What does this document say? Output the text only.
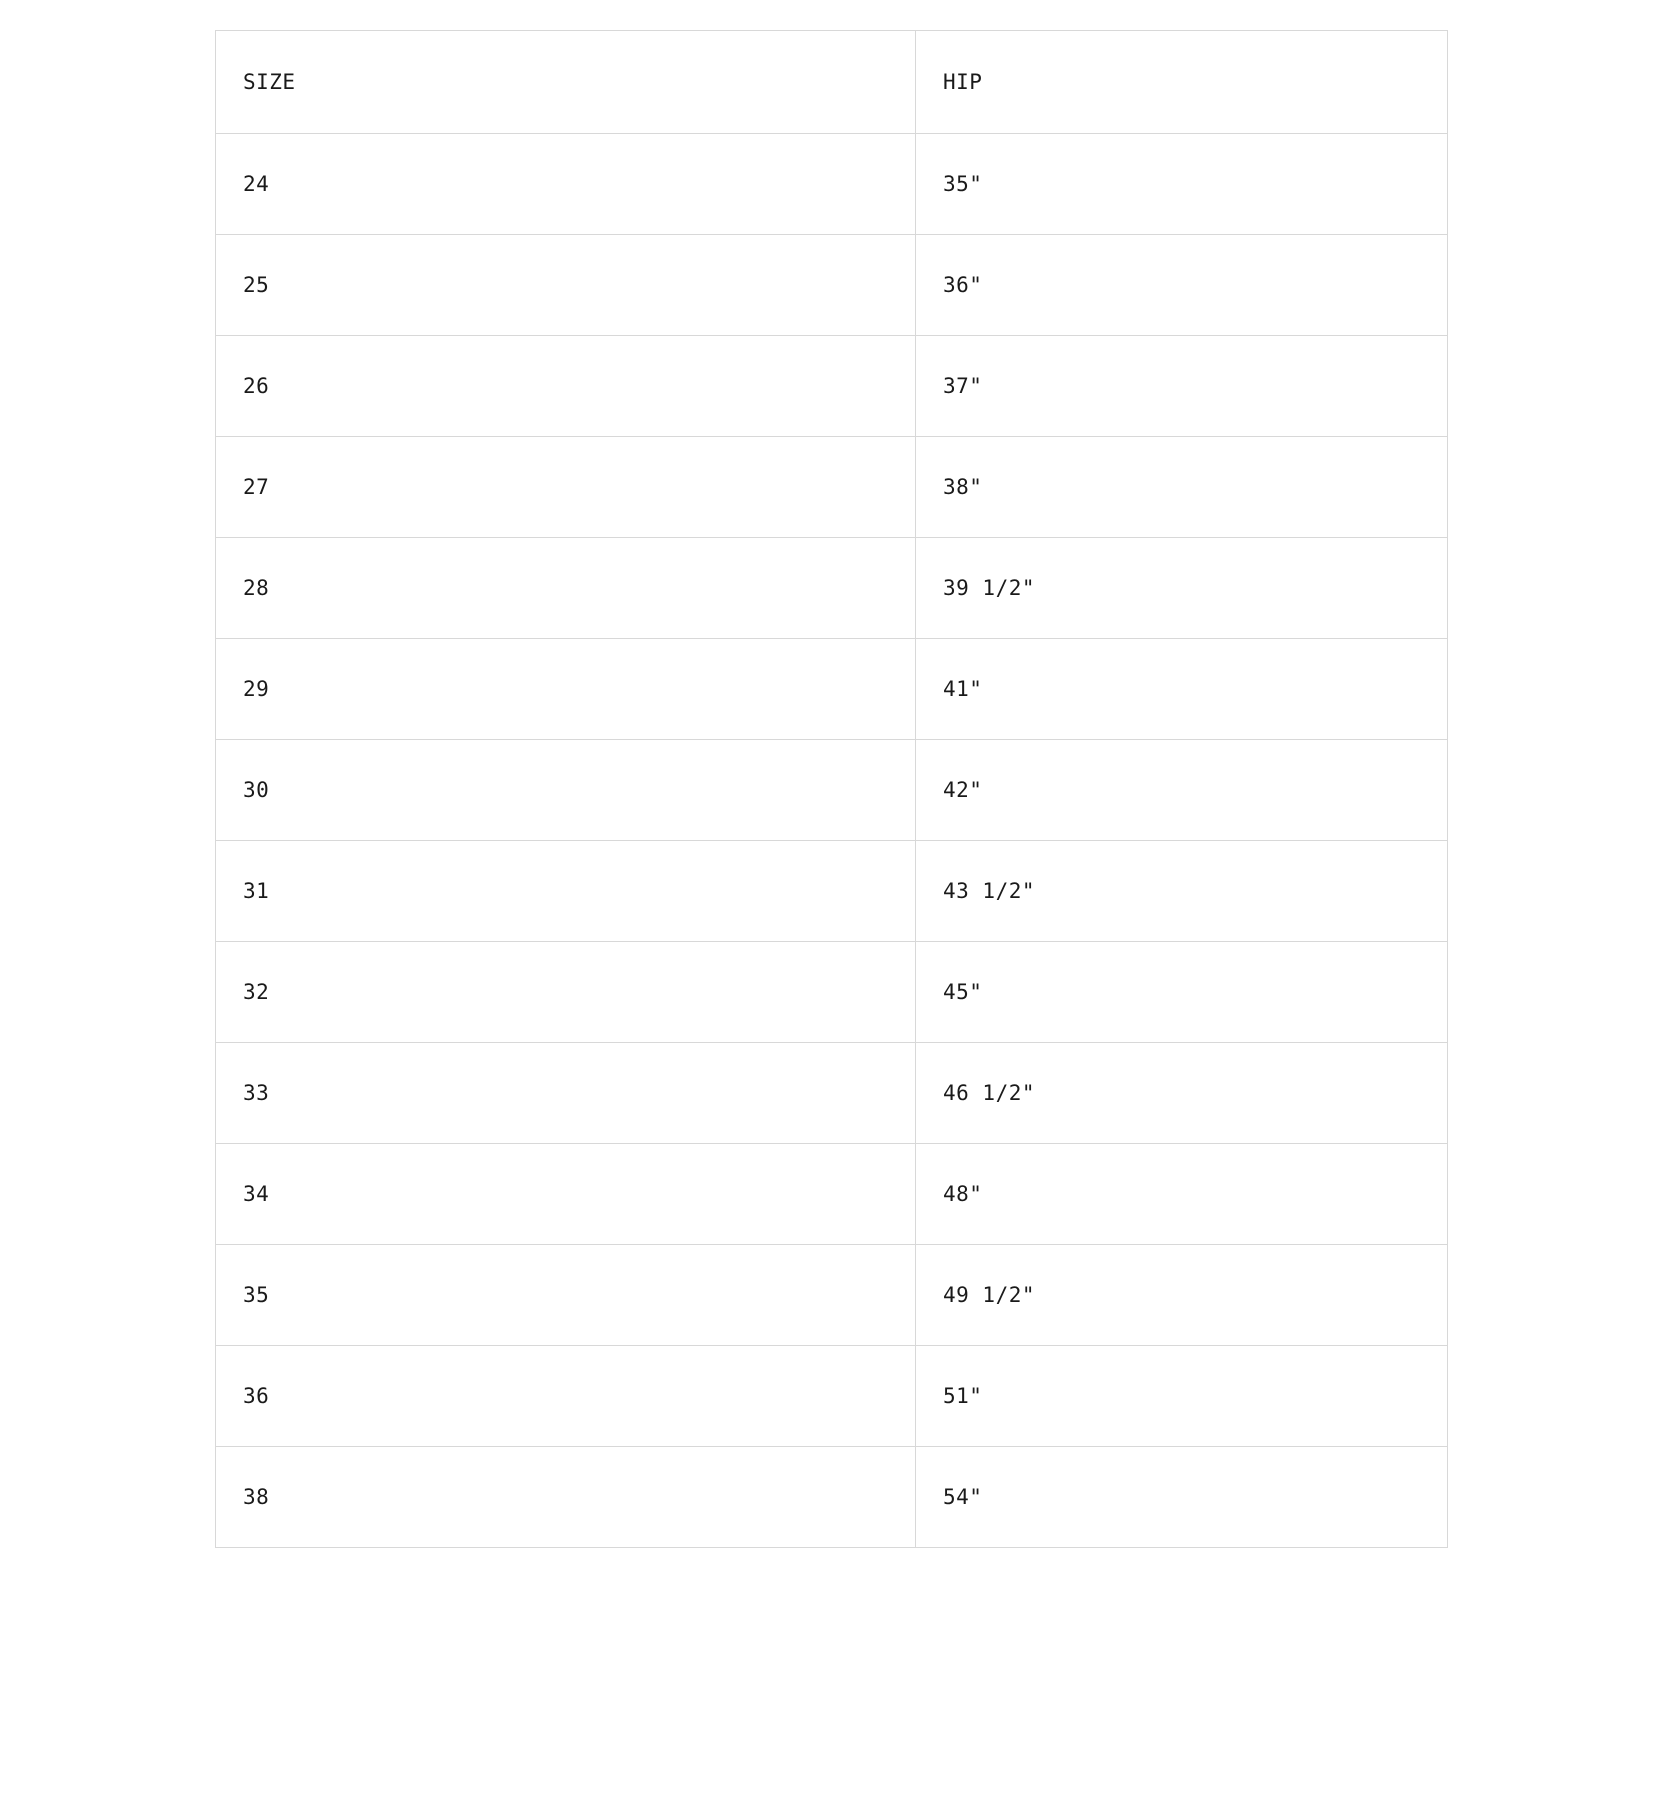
SIZE	HIP
24	35"
25	36"
26	37"
27	38"
28	39 1/2"
29	41"
30	42"
31	43 1/2"
32	45"
33	46 1/2"
34	48"
35	49 1/2"
36	51"
38	54"
